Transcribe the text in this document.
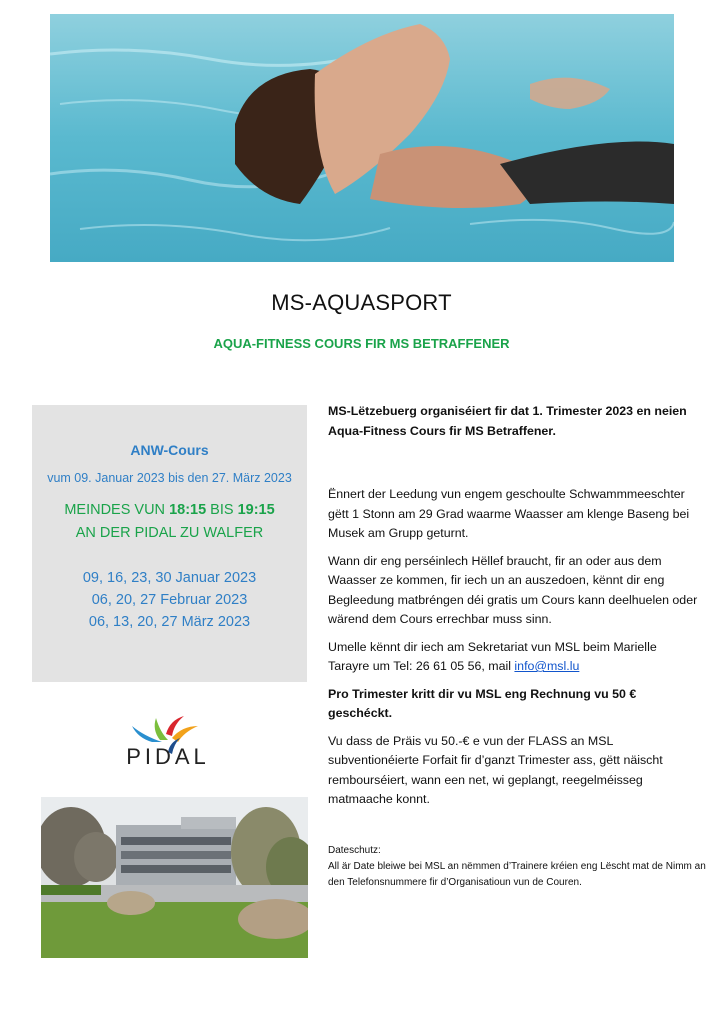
MS-AQUASPORT
AQUA-FITNESS COURS FIR MS BETRAFFENER
ANW-Cours
vum 09. Januar 2023 bis den 27. März 2023
MEINDES VUN 18:15 BIS 19:15
AN DER PIDAL ZU WALFER
09, 16, 23, 30 Januar 2023
06, 20, 27 Februar 2023
06, 13, 20, 27 März 2023
PIDAL

MS-Lëtzebuerg organiséiert fir dat 1. Trimester 2023 en neien Aqua-Fitness Cours fir MS Betraffener.

Ënnert der Leedung vun engem geschoulte Schwammmeeschter gëtt 1 Stonn am 29 Grad waarme Waasser am klenge Baseng bei Musek am Grupp geturnt.

Wann dir eng perséinlech Hëllef braucht, fir an oder aus dem Waasser ze kommen, fir iech un an auszedoen, kënnt dir eng Begleedung matbréngen déi gratis um Cours kann deelhuelen oder wärend dem Cours errechbar muss sinn.

Umelle kënnt dir iech am Sekretariat vun MSL beim Marielle Tarayre um Tel: 26 61 05 56, mail info@msl.lu

Pro Trimester kritt dir vu MSL eng Rechnung vu 50 € geschéckt.

Vu dass de Präis vu 50.-€ e vun der FLASS an MSL subventionéierte Forfait fir d’ganzt Trimester ass, gëtt näischt rembourséiert, wann een net, wi geplangt, reegelméisseg matmaache konnt.

Dateschutz:

All är Date bleiwe bei MSL an nëmmen d’Trainere kréien eng Lëscht mat de Nimm an den Telefonsnummere fir d’Organisatioun vun de Couren.
